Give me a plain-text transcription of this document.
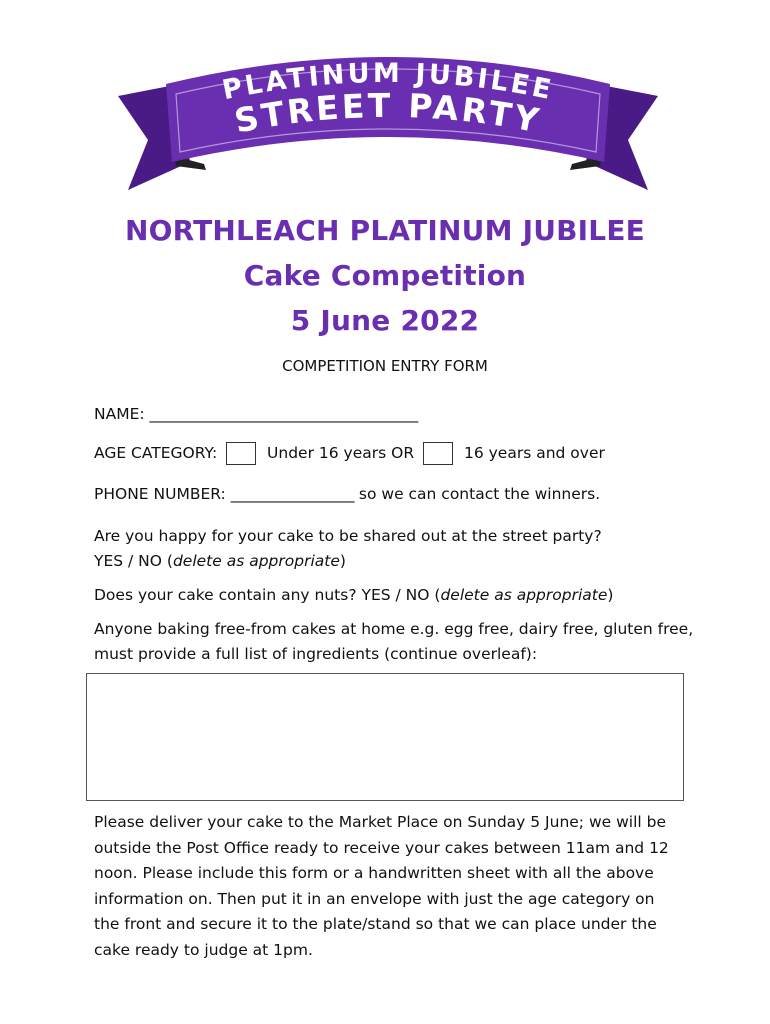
PLATINUM JUBILEE
STREET PARTY
NORTHLEACH PLATINUM JUBILEE
Cake Competition
5 June 2022
COMPETITION ENTRY FORM
NAME: _____________________________________
AGE CATEGORY:	Under 16 years OR	16 years and over
PHONE NUMBER: _________________ so we can contact the winners.
Are you happy for your cake to be shared out at the street party?
YES / NO (delete as appropriate)
Does your cake contain any nuts? YES / NO (delete as appropriate)
Anyone baking free-from cakes at home e.g. egg free, dairy free, gluten free, must provide a full list of ingredients (continue overleaf):
Please deliver your cake to the Market Place on Sunday 5 June; we will be outside the Post Office ready to receive your cakes between 11am and 12 noon. Please include this form or a handwritten sheet with all the above information on. Then put it in an envelope with just the age category on the front and secure it to the plate/stand so that we can place under the cake ready to judge at 1pm.
